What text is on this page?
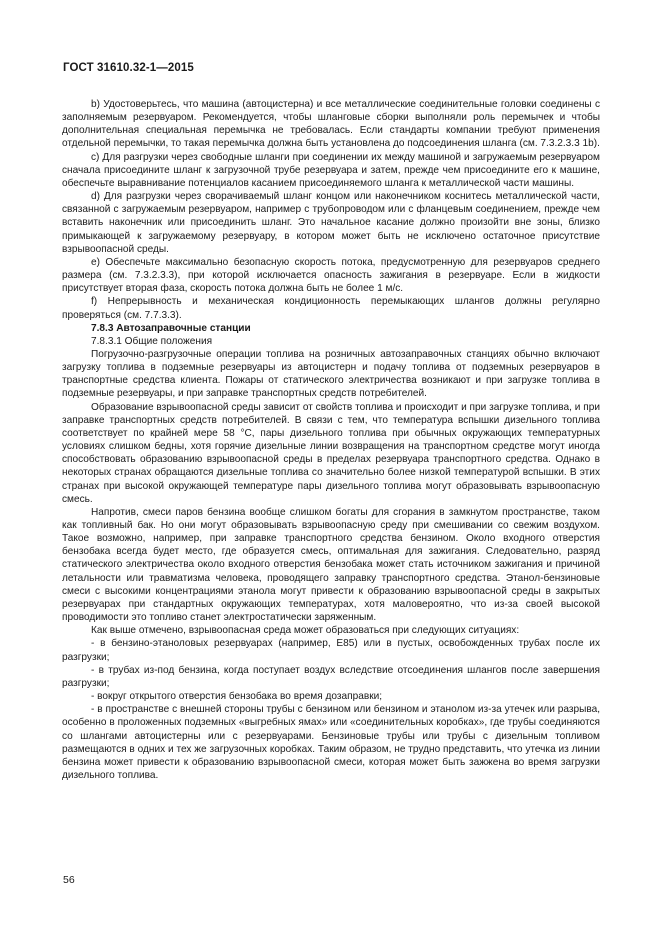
ГОСТ 31610.32-1—2015

b) Удостоверьтесь, что машина (автоцистерна) и все металлические соединительные головки соединены с заполняемым резервуаром. Рекомендуется, чтобы шланговые сборки выполняли роль перемычек и чтобы дополнительная специальная перемычка не требовалась. Если стандарты компании требуют применения отдельной перемычки, то такая перемычка должна быть установлена до подсоединения шланга (см. 7.3.2.3.3 1b).

c) Для разгрузки через свободные шланги при соединении их между машиной и загружаемым резервуаром сначала присоедините шланг к загрузочной трубе резервуара и затем, прежде чем присоедините его к машине, обеспечьте выравнивание потенциалов касанием присоединяемого шланга к металлической части машины.

d) Для разгрузки через сворачиваемый шланг концом или наконечником коснитесь металлической части, связанной с загружаемым резервуаром, например с трубопроводом или с фланцевым соединением, прежде чем вставить наконечник или присоединить шланг. Это начальное касание должно произойти вне зоны, близко примыкающей к загружаемому резервуару, в котором может быть не исключено остаточное присутствие взрывоопасной среды.

e) Обеспечьте максимально безопасную скорость потока, предусмотренную для резервуаров среднего размера (см. 7.3.2.3.3), при которой исключается опасность зажигания в резервуаре. Если в жидкости присутствует вторая фаза, скорость потока должна быть не более 1 м/с.

f) Непрерывность и механическая кондиционность перемыкающих шлангов должны регулярно проверяться (см. 7.7.3.3).

7.8.3 Автозаправочные станции

7.8.3.1 Общие положения

Погрузочно-разгрузочные операции топлива на розничных автозаправочных станциях обычно включают загрузку топлива в подземные резервуары из автоцистерн и подачу топлива от подземных резервуаров в транспортные средства клиента. Пожары от статического электричества возникают и при загрузке топлива в подземные резервуары, и при заправке транспортных средств потребителей.

Образование взрывоопасной среды зависит от свойств топлива и происходит и при загрузке топлива, и при заправке транспортных средств потребителей. В связи с тем, что температура вспышки дизельного топлива соответствует по крайней мере 58 °C, пары дизельного топлива при обычных окружающих температурных условиях слишком бедны, хотя горячие дизельные линии возвращения на транспортном средстве могут иногда способствовать образованию взрывоопасной среды в пределах резервуара транспортного средства. Однако в некоторых странах обращаются дизельные топлива со значительно более низкой температурой вспышки. В этих странах при высокой окружающей температуре пары дизельного топлива могут образовывать взрывоопасную смесь.

Напротив, смеси паров бензина вообще слишком богаты для сгорания в замкнутом пространстве, таком как топливный бак. Но они могут образовывать взрывоопасную среду при смешивании со свежим воздухом. Такое возможно, например, при заправке транспортного средства бензином. Около входного отверстия бензобака всегда будет место, где образуется смесь, оптимальная для зажигания. Следовательно, разряд статического электричества около входного отверстия бензобака может стать источником зажигания и причиной летальности или травматизма человека, проводящего заправку транспортного средства. Этанол-бензиновые смеси с высокими концентрациями этанола могут привести к образованию взрывоопасной среды в закрытых резервуарах при стандартных окружающих температурах, хотя маловероятно, что из-за своей высокой проводимости это топливо станет электростатически заряженным.

Как выше отмечено, взрывоопасная среда может образоваться при следующих ситуациях:

- в бензино-этаноловых резервуарах (например, E85) или в пустых, освобожденных трубах после их разгрузки;

- в трубах из-под бензина, когда поступает воздух вследствие отсоединения шлангов после завершения разгрузки;

- вокруг открытого отверстия бензобака во время дозаправки;

- в пространстве с внешней стороны трубы с бензином или бензином и этанолом из-за утечек или разрыва, особенно в проложенных подземных «выгребных ямах» или «соединительных коробках», где трубы соединяются со шлангами автоцистерны или с резервуарами. Бензиновые трубы или трубы с дизельным топливом размещаются в одних и тех же загрузочных коробках. Таким образом, не трудно представить, что утечка из линии бензина может привести к образованию взрывоопасной смеси, которая может быть зажжена во время загрузки дизельного топлива.

56
